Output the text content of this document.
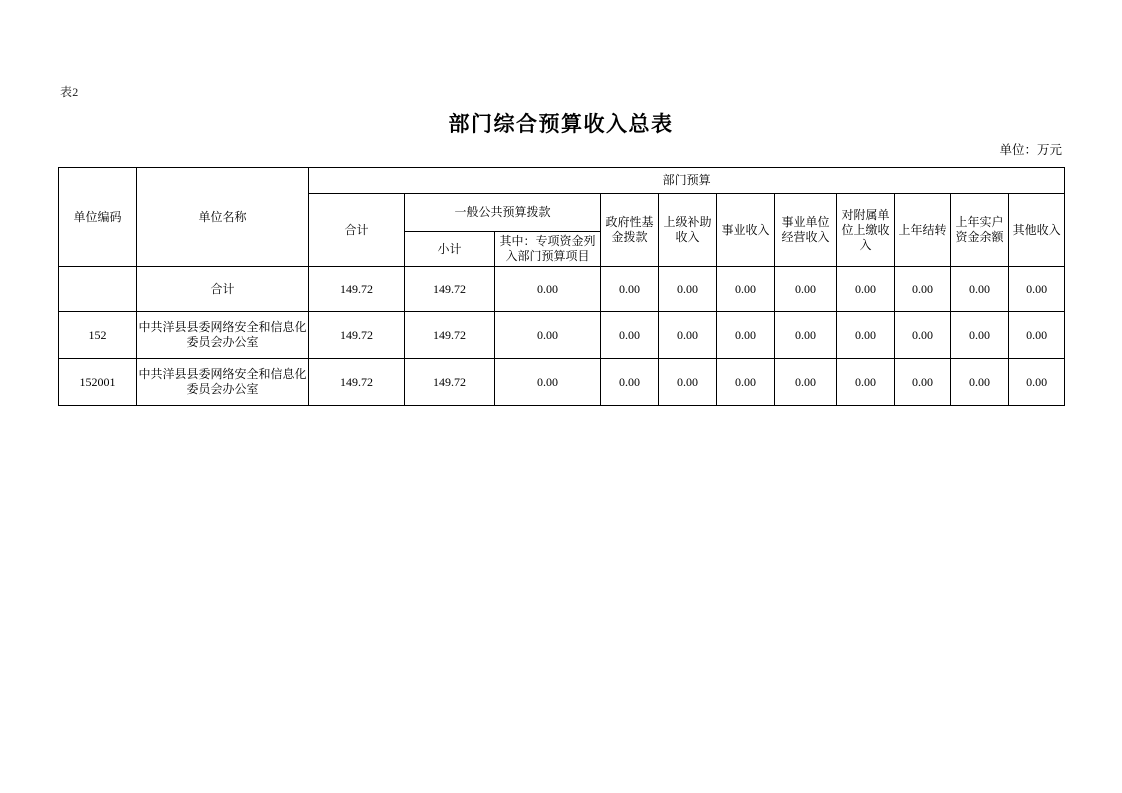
表2
部门综合预算收入总表
单位：万元
单位编码	单位名称	部门预算										
		合计	一般公共预算拨款		政府性基金拨款	上级补助收入	事业收入	事业单位经营收入	对附属单位上缴收入	上年结转	上年实户资金余额	其他收入
			小计	其中：专项资金列入部门预算项目								
	合计	149.72	149.72	0.00	0.00	0.00	0.00	0.00	0.00	0.00	0.00	0.00
152	中共洋县县委网络安全和信息化委员会办公室	149.72	149.72	0.00	0.00	0.00	0.00	0.00	0.00	0.00	0.00	0.00
152001	中共洋县县委网络安全和信息化委员会办公室	149.72	149.72	0.00	0.00	0.00	0.00	0.00	0.00	0.00	0.00	0.00
